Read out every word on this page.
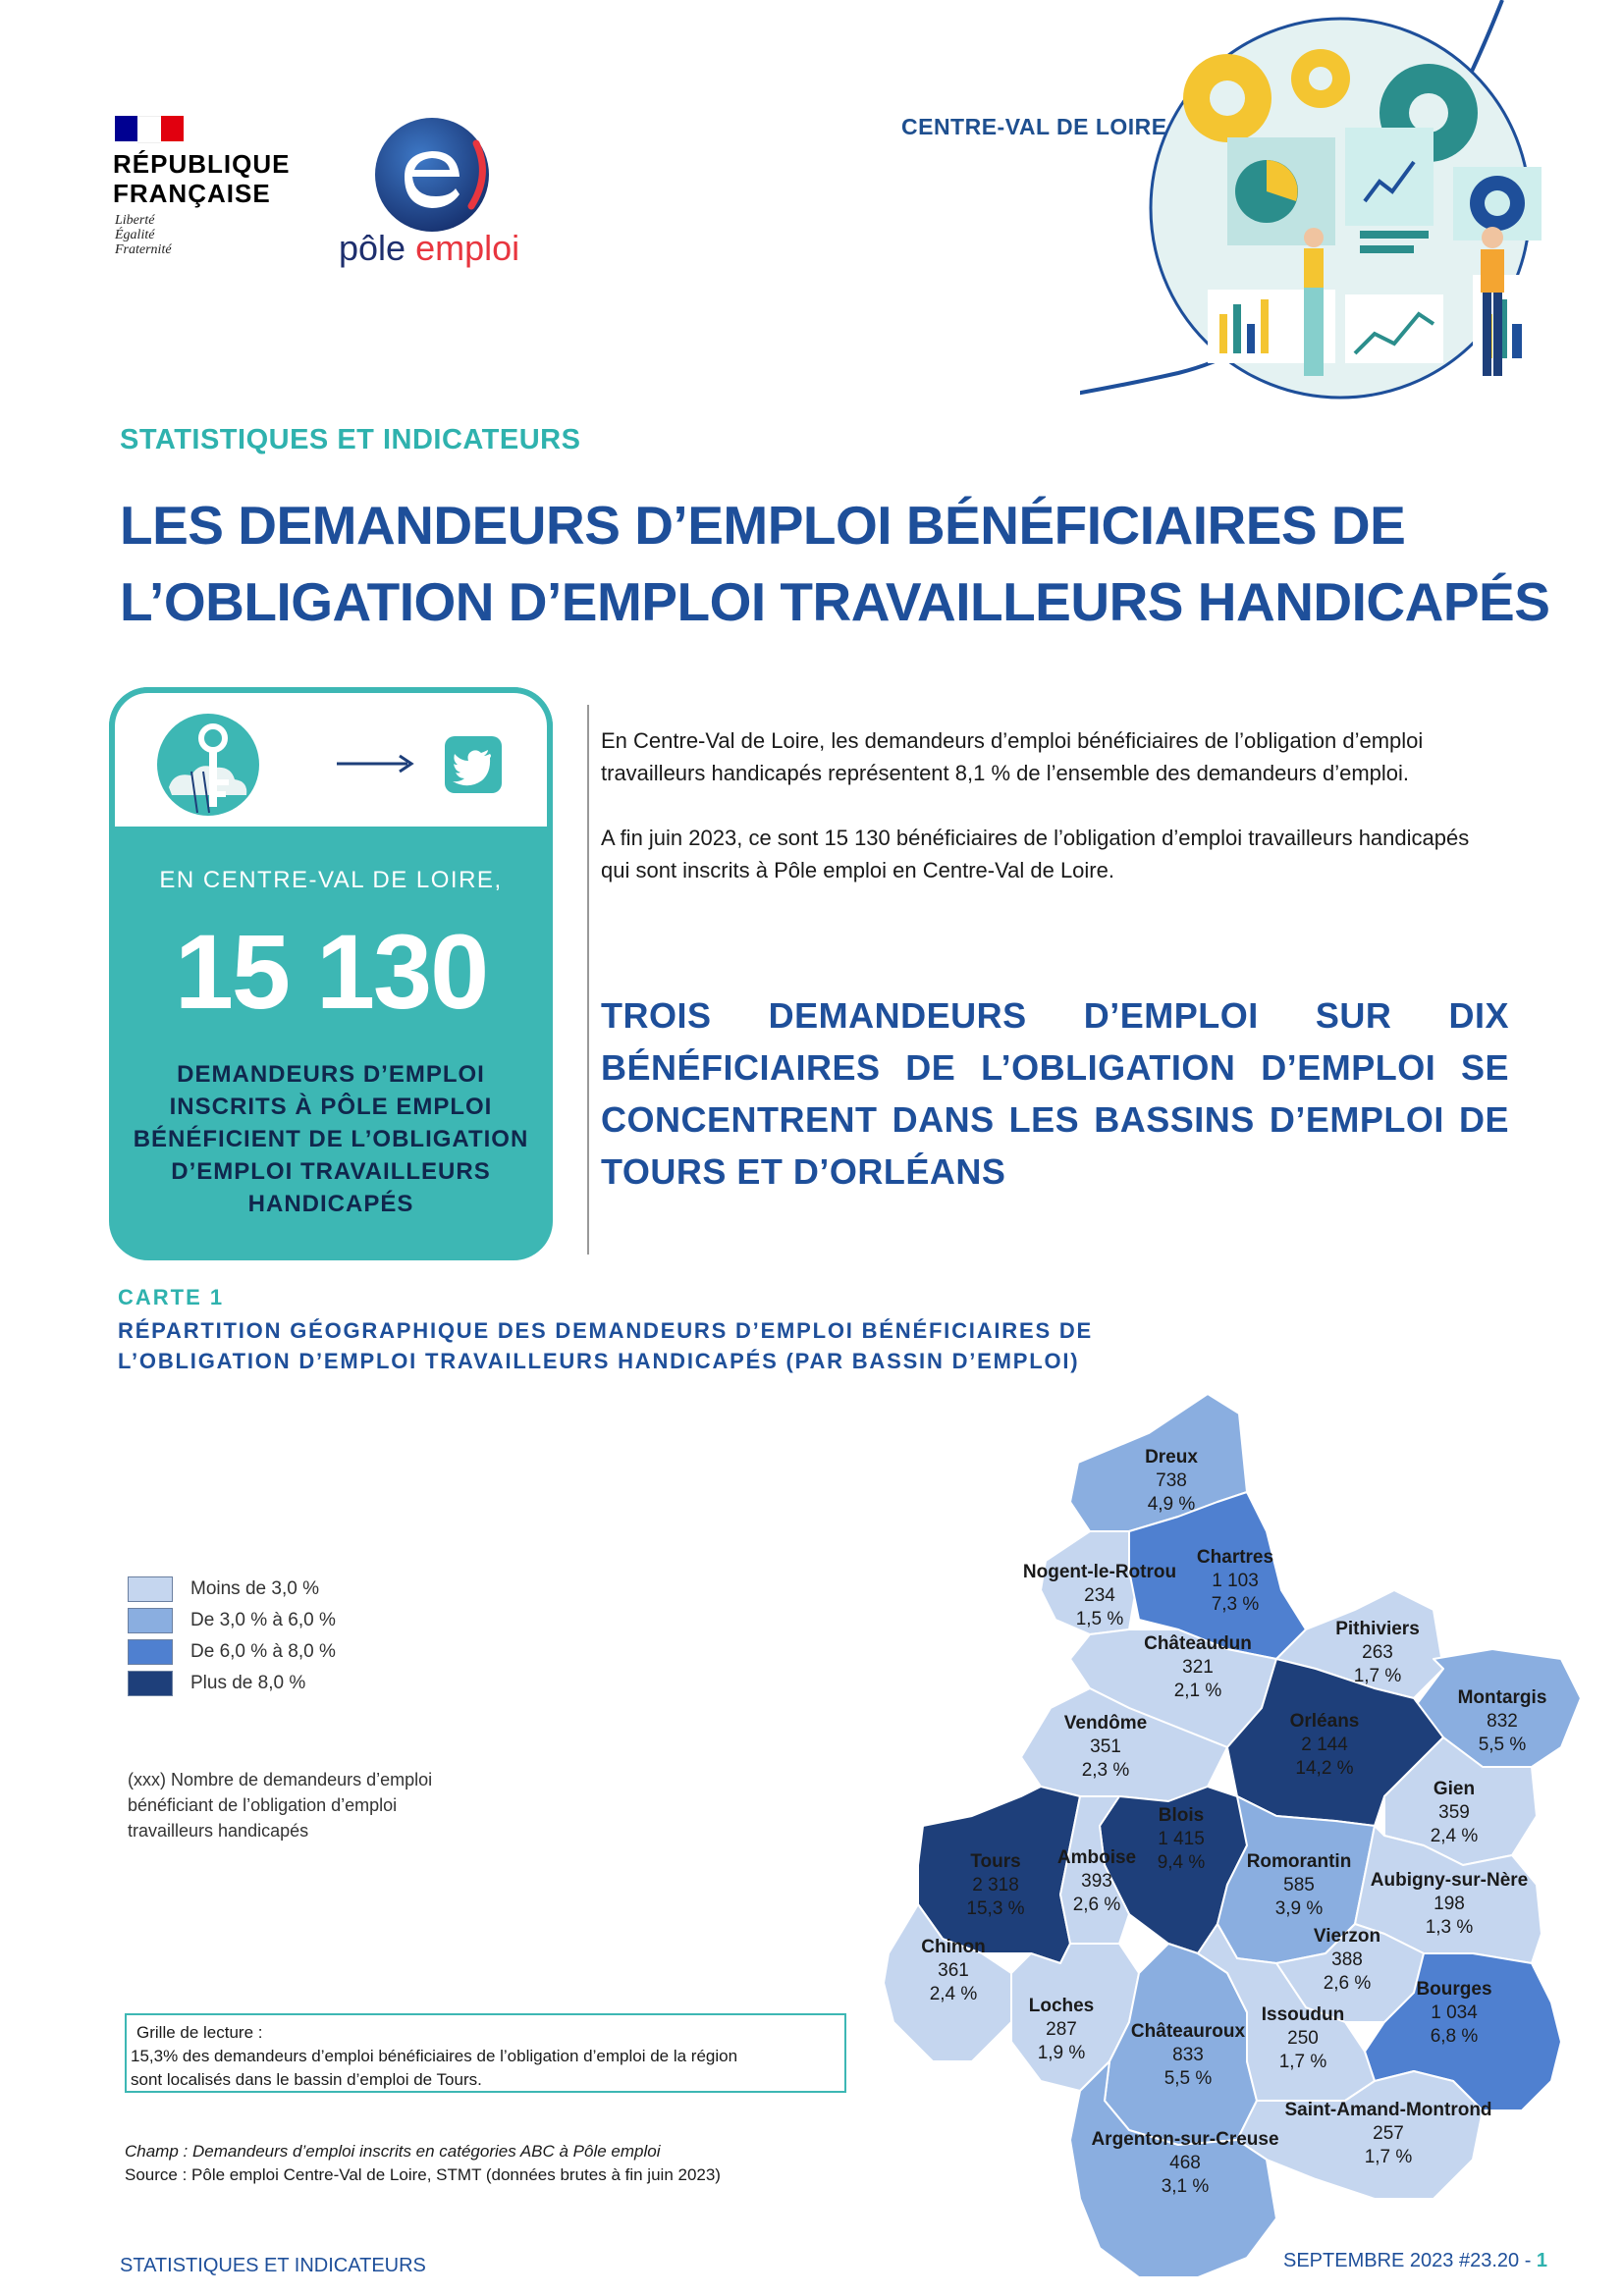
RÉPUBLIQUE
FRANÇAISE
Liberté
Égalité
Fraternité	pôle emploi
CENTRE-VAL DE LOIRE
STATISTIQUES ET INDICATEURS
LES DEMANDEURS D’EMPLOI BÉNÉFICIAIRES DE
L’OBLIGATION D’EMPLOI TRAVAILLEURS HANDICAPÉS
EN CENTRE-VAL DE LOIRE,
15 130
DEMANDEURS D’EMPLOI
INSCRITS À PÔLE EMPLOI
BÉNÉFICIENT DE L’OBLIGATION
D’EMPLOI TRAVAILLEURS
HANDICAPÉS

En Centre-Val de Loire, les demandeurs d’emploi bénéficiaires de l’obligation d’emploi travailleurs handicapés représentent 8,1 % de l’ensemble des demandeurs d’emploi.

A fin juin 2023, ce sont 15 130 bénéficiaires de l’obligation d’emploi travailleurs handicapés qui sont inscrits à Pôle emploi en Centre-Val de Loire.

TROIS DEMANDEURS D’EMPLOI SUR DIX BÉNÉFICIAIRES DE L’OBLIGATION D’EMPLOI SE CONCENTRENT DANS LES BASSINS D’EMPLOI DE TOURS ET D’ORLÉANS
CARTE 1
RÉPARTITION GÉOGRAPHIQUE DES DEMANDEURS D’EMPLOI BÉNÉFICIAIRES DE
L’OBLIGATION D’EMPLOI TRAVAILLEURS HANDICAPÉS (PAR BASSIN D’EMPLOI)
Moins de 3,0 %
De 3,0 % à 6,0 %
De 6,0 % à 8,0 %
Plus de 8,0 %
(xxx) Nombre de demandeurs d’emploi
bénéficiant de l’obligation d’emploi
travailleurs handicapés
Grille de lecture :
15,3% des demandeurs d’emploi bénéficiaires de l’obligation d’emploi de la région
sont localisés dans le bassin d’emploi de Tours.
Champ : Demandeurs d’emploi inscrits en catégories ABC à Pôle emploi
Source : Pôle emploi Centre-Val de Loire, STMT (données brutes à fin juin 2023)
Dreux 738 4,9 %
Chartres 1 103 7,3 %
Nogent-le-Rotrou 234 1,5 %
Châteaudun 321 2,1 %
Pithiviers 263 1,7 %
Montargis 832 5,5 %
Orléans 2 144 14,2 %
Vendôme 351 2,3 %
Gien 359 2,4 %
Blois 1 415 9,4 %
Tours 2 318 15,3 %
Amboise 393 2,6 %
Romorantin 585 3,9 %
Aubigny-sur-Nère 198 1,3 %
Chinon 361 2,4 %
Vierzon 388 2,6 %	Bourges 1 034 6,8 %
Loches 287 1,9 %
Châteauroux 833 5,5 %
Issoudun 250 1,7 %
Saint-Amand-Montrond 257 1,7 %
Argenton-sur-Creuse 468 3,1 %
STATISTIQUES ET INDICATEURS	SEPTEMBRE 2023 #23.20 - 1
